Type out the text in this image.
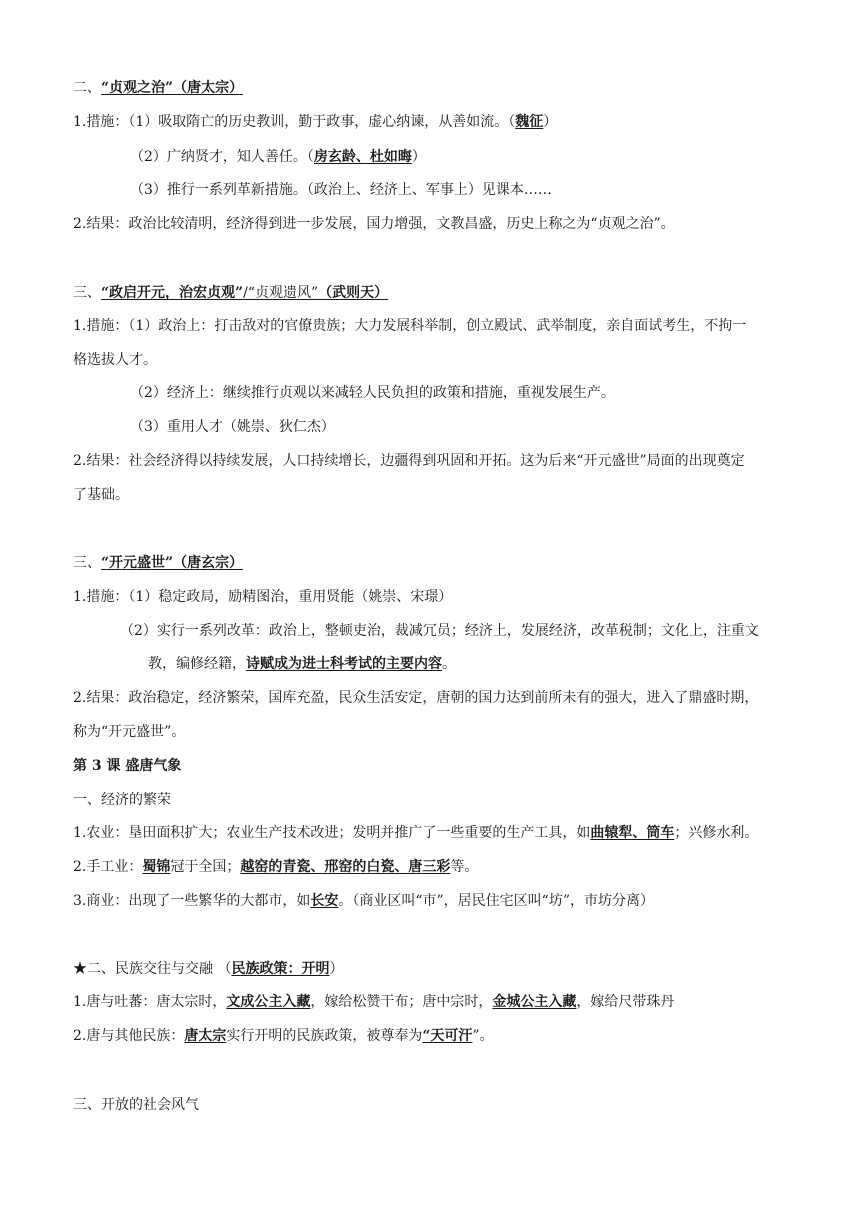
二、“贞观之治”（唐太宗）
1.措施：（1）吸取隋亡的历史教训，勤于政事，虚心纳谏，从善如流。（魏征）
（2）广纳贤才，知人善任。（房玄龄、杜如晦）
（3）推行一系列革新措施。（政治上、经济上、军事上）见课本……
2.结果：政治比较清明，经济得到进一步发展，国力增强，文教昌盛，历史上称之为“贞观之治”。
三、“政启开元，治宏贞观”/“贞观遗风”（武则天）
1.措施：（1）政治上：打击敌对的官僚贵族；大力发展科举制，创立殿试、武举制度，亲自面试考生，不拘一
格选拔人才。
（2）经济上：继续推行贞观以来减轻人民负担的政策和措施，重视发展生产。
（3）重用人才（姚崇、狄仁杰）
2.结果：社会经济得以持续发展，人口持续增长，边疆得到巩固和开拓。这为后来“开元盛世”局面的出现奠定
了基础。
三、“开元盛世”（唐玄宗）
1.措施：（1）稳定政局，励精图治，重用贤能（姚崇、宋璟）
（2）实行一系列改革：政治上，整顿吏治，裁减冗员；经济上，发展经济，改革税制；文化上，注重文
教，编修经籍，诗赋成为进士科考试的主要内容。
2.结果：政治稳定，经济繁荣，国库充盈，民众生活安定，唐朝的国力达到前所未有的强大，进入了鼎盛时期，
称为“开元盛世”。
第 3 课 盛唐气象
一、经济的繁荣
1.农业：垦田面积扩大；农业生产技术改进；发明并推广了一些重要的生产工具，如曲辕犁、筒车；兴修水利。
2.手工业：蜀锦冠于全国；越窑的青瓷、邢窑的白瓷、唐三彩等。
3.商业：出现了一些繁华的大都市，如长安。（商业区叫“市”，居民住宅区叫“坊”，市坊分离）
★二、民族交往与交融 （民族政策：开明）
1.唐与吐蕃：唐太宗时，文成公主入藏，嫁给松赞干布；唐中宗时，金城公主入藏，嫁给尺带珠丹
2.唐与其他民族：唐太宗实行开明的民族政策，被尊奉为“天可汗”。
三、开放的社会风气
